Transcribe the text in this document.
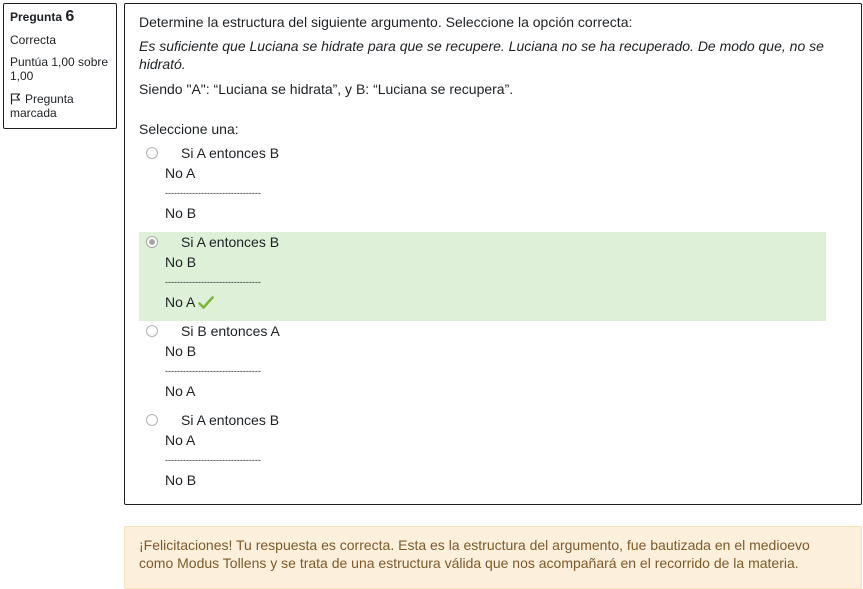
Pregunta 6
Correcta
Puntúa 1,00 sobre 1,00
Pregunta marcada

Determine la estructura del siguiente argumento. Seleccione la opción correcta:

Es suficiente que Luciana se hidrate para que se recupere. Luciana no se ha recuperado. De modo que, no se hidrató.

Siendo "A": “Luciana se hidrata”, y B: “Luciana se recupera”.

Seleccione una:
Si A entonces B
No A
--------------------------------
No B
Si A entonces B
No B
--------------------------------
No A
Si B entonces A
No B
--------------------------------
No A
Si A entonces B
No A
--------------------------------
No B
¡Felicitaciones! Tu respuesta es correcta. Esta es la estructura del argumento, fue bautizada en el medioevo como Modus Tollens y se trata de una estructura válida que nos acompañará en el recorrido de la materia.
